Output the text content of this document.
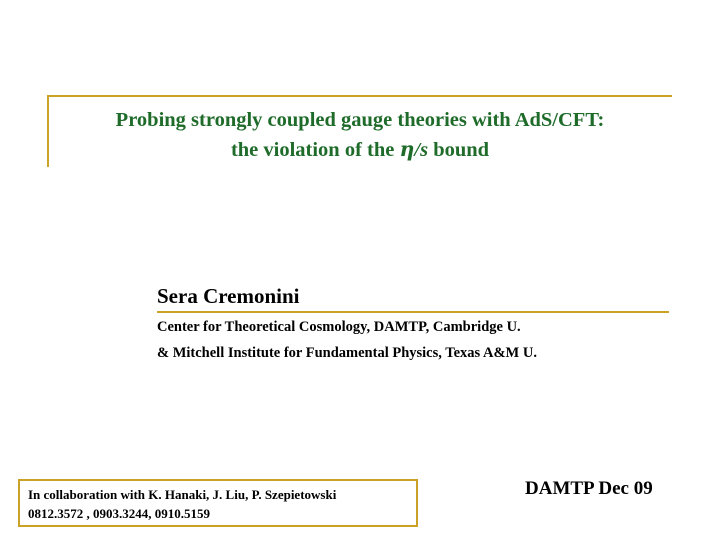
Probing strongly coupled gauge theories with AdS/CFT:
the violation of the η/s bound
Sera Cremonini
Center for Theoretical Cosmology, DAMTP, Cambridge U.
& Mitchell Institute for Fundamental Physics, Texas A&M U.
In collaboration with K. Hanaki, J. Liu, P. Szepietowski
0812.3572 , 0903.3244, 0910.5159
DAMTP Dec 09
